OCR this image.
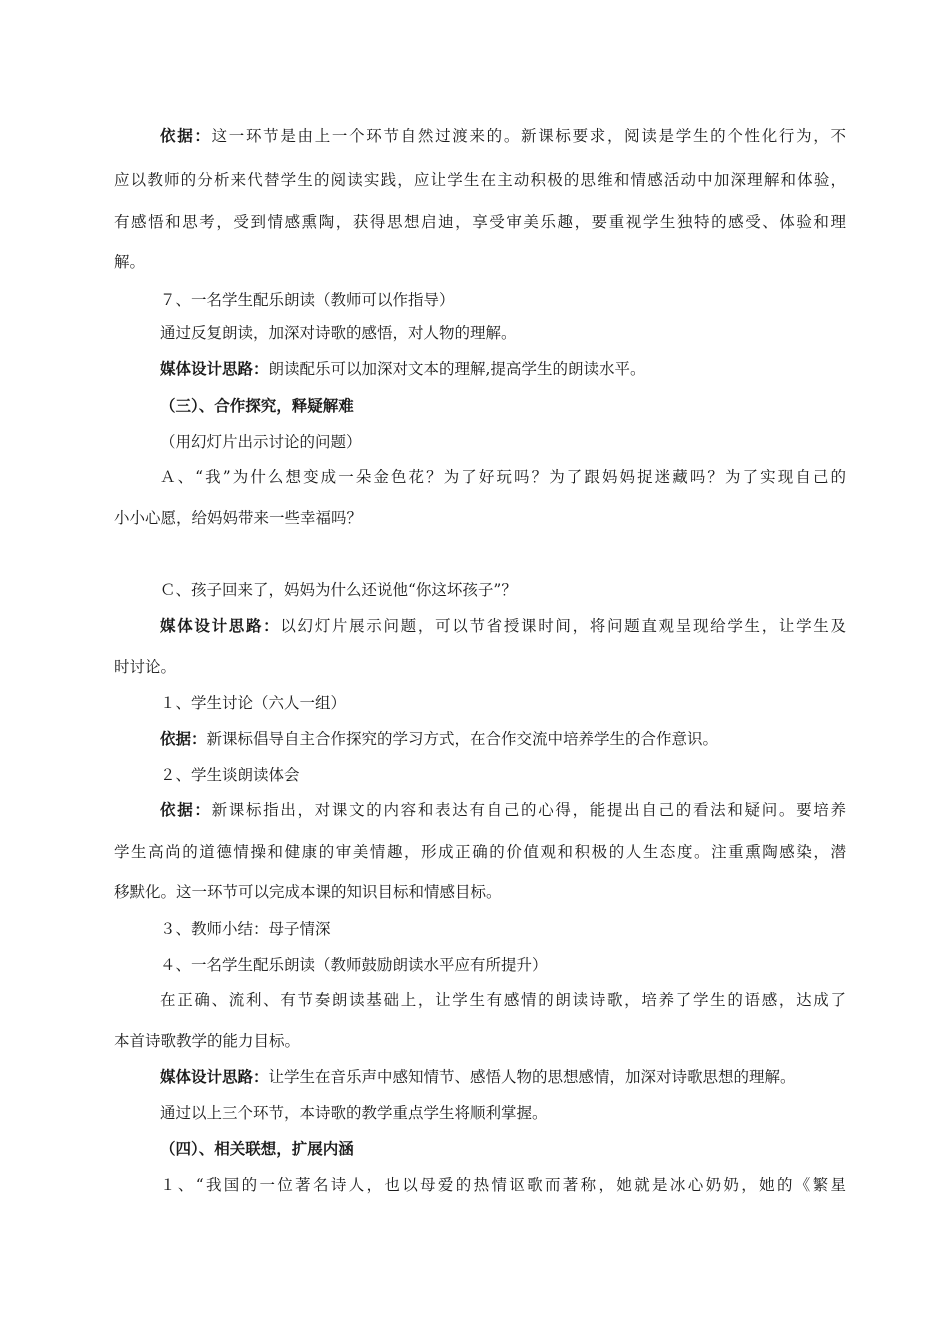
依据：这一环节是由上一个环节自然过渡来的。新课标要求，阅读是学生的个性化行为，不
应以教师的分析来代替学生的阅读实践，应让学生在主动积极的思维和情感活动中加深理解和体验，
有感悟和思考，受到情感熏陶，获得思想启迪，享受审美乐趣，要重视学生独特的感受、体验和理
解。
７、一名学生配乐朗读（教师可以作指导）
通过反复朗读，加深对诗歌的感悟，对人物的理解。
媒体设计思路：朗读配乐可以加深对文本的理解,提高学生的朗读水平。
（三）、合作探究，释疑解难
（用幻灯片出示讨论的问题）
Ａ、“我”为什么想变成一朵金色花？为了好玩吗？为了跟妈妈捉迷藏吗？为了实现自己的
小小心愿，给妈妈带来一些幸福吗？
Ｃ、孩子回来了，妈妈为什么还说他“你这坏孩子”？
媒体设计思路：以幻灯片展示问题，可以节省授课时间，将问题直观呈现给学生，让学生及
时讨论。
１、学生讨论（六人一组）
依据：新课标倡导自主合作探究的学习方式，在合作交流中培养学生的合作意识。
２、学生谈朗读体会
依据：新课标指出，对课文的内容和表达有自己的心得，能提出自己的看法和疑问。要培养
学生高尚的道德情操和健康的审美情趣，形成正确的价值观和积极的人生态度。注重熏陶感染，潜
移默化。这一环节可以完成本课的知识目标和情感目标。
３、教师小结：母子情深
４、一名学生配乐朗读（教师鼓励朗读水平应有所提升）
在正确、流利、有节奏朗读基础上，让学生有感情的朗读诗歌，培养了学生的语感，达成了
本首诗歌教学的能力目标。
媒体设计思路：让学生在音乐声中感知情节、感悟人物的思想感情，加深对诗歌思想的理解。
通过以上三个环节，本诗歌的教学重点学生将顺利掌握。
（四）、相关联想，扩展内涵
１、“我国的一位著名诗人，也以母爱的热情讴歌而著称，她就是冰心奶奶，她的《繁星
